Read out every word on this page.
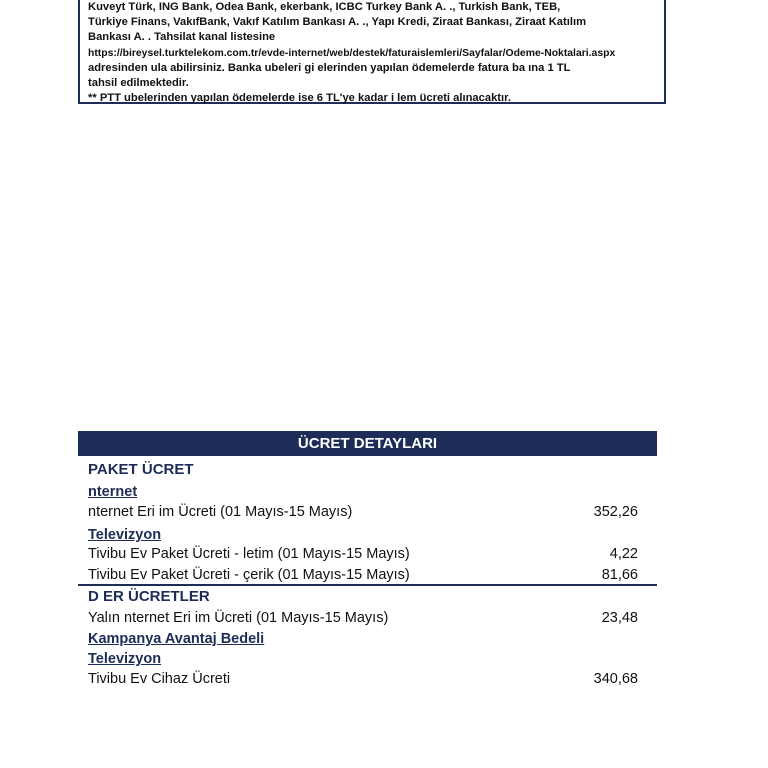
Kuveyt Türk, ING Bank, Odea Bank, ekerbank, ICBC Turkey Bank A. ., Turkish Bank, TEB,
Türkiye Finans, VakıfBank, Vakıf Katılım Bankası A. ., Yapı Kredi, Ziraat Bankası, Ziraat Katılım
Bankası A. . Tahsilat kanal listesine
https://bireysel.turktelekom.com.tr/evde-internet/web/destek/faturaislemleri/Sayfalar/Odeme-Noktalari.aspx
adresinden ula abilirsiniz. Banka ubeleri gi elerinden yapılan ödemelerde fatura ba ına 1 TL
tahsil edilmektedir.
** PTT ubelerinden yapılan ödemelerde ise 6 TL'ye kadar i lem ücreti alınacaktır.
ÜCRET DETAYLARI
PAKET ÜCRET
nternet
nternet Eri im Ücreti (01 Mayıs-15 Mayıs)	352,26
Televizyon
Tivibu Ev Paket Ücreti - letim (01 Mayıs-15 Mayıs)	4,22
Tivibu Ev Paket Ücreti - çerik (01 Mayıs-15 Mayıs)	81,66
D ER ÜCRETLER
Yalın nternet Eri im Ücreti (01 Mayıs-15 Mayıs)	23,48
Kampanya Avantaj Bedeli
Televizyon
Tivibu Ev Cihaz Ücreti	340,68
